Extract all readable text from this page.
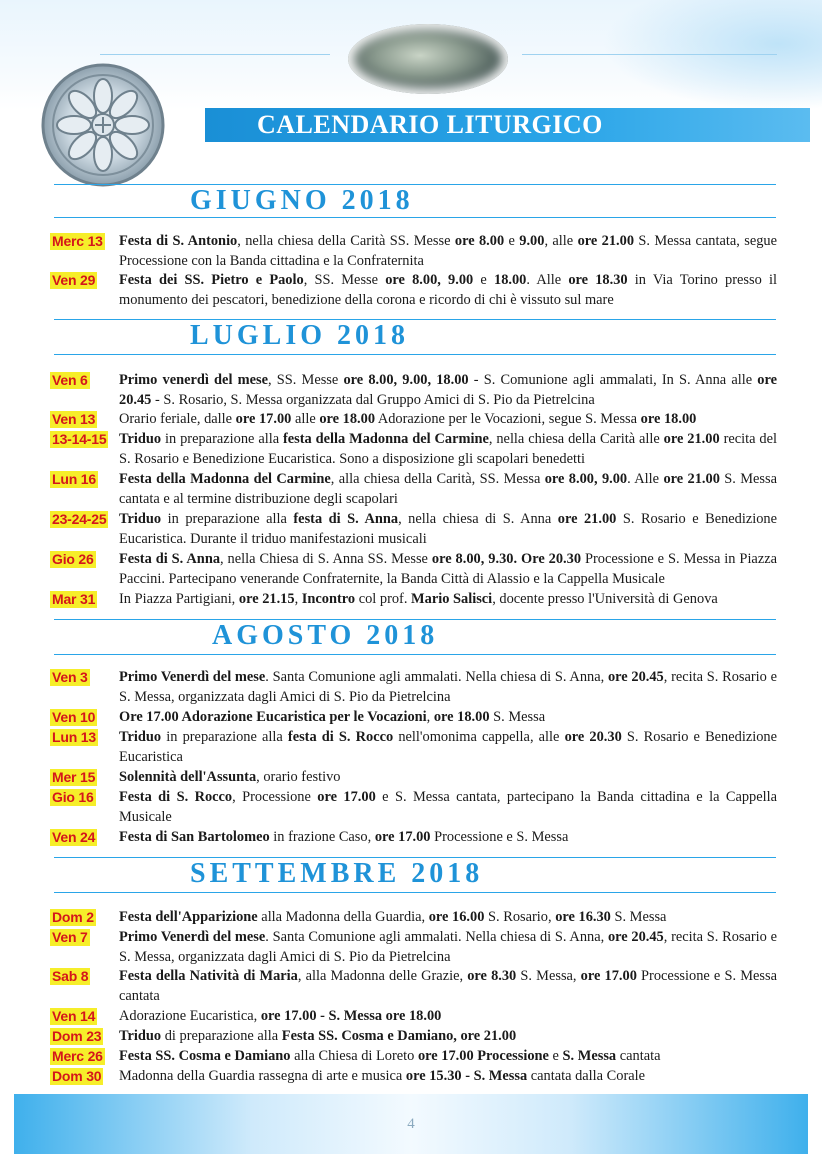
CALENDARIO LITURGICO
GIUGNO 2018
Merc 13 Festa di S. Antonio, nella chiesa della Carità SS. Messe ore 8.00 e 9.00, alle ore 21.00 S. Messa cantata, segue Processione con la Banda cittadina e la Confraternita
Ven 29 Festa dei SS. Pietro e Paolo, SS. Messe ore 8.00, 9.00 e 18.00. Alle ore 18.30 in Via Torino presso il monumento dei pescatori, benedizione della corona e ricordo di chi è vissuto sul mare
LUGLIO 2018
Ven 6 Primo venerdì del mese, SS. Messe ore 8.00, 9.00, 18.00 - S. Comunione agli ammalati, In S. Anna alle ore 20.45 - S. Rosario, S. Messa organizzata dal Gruppo Amici di S. Pio da Pietrelcina
Ven 13 Orario feriale, dalle ore 17.00 alle ore 18.00 Adorazione per le Vocazioni, segue S. Messa ore 18.00
13-14-15 Triduo in preparazione alla festa della Madonna del Carmine, nella chiesa della Carità alle ore 21.00 recita del S. Rosario e Benedizione Eucaristica. Sono a disposizione gli scapolari benedetti
Lun 16 Festa della Madonna del Carmine, alla chiesa della Carità, SS. Messa ore 8.00, 9.00. Alle ore 21.00 S. Messa cantata e al termine distribuzione degli scapolari
23-24-25 Triduo in preparazione alla festa di S. Anna, nella chiesa di S. Anna ore 21.00 S. Rosario e Benedizione Eucaristica. Durante il triduo manifestazioni musicali
Gio 26 Festa di S. Anna, nella Chiesa di S. Anna SS. Messe ore 8.00, 9.30. Ore 20.30 Processione e S. Messa in Piazza Paccini. Partecipano venerande Confraternite, la Banda Città di Alassio e la Cappella Musicale
Mar 31 In Piazza Partigiani, ore 21.15, Incontro col prof. Mario Salisci, docente presso l'Università di Genova
AGOSTO 2018
Ven 3 Primo Venerdì del mese. Santa Comunione agli ammalati. Nella chiesa di S. Anna, ore 20.45, recita S. Rosario e S. Messa, organizzata dagli Amici di S. Pio da Pietrelcina
Ven 10 Ore 17.00 Adorazione Eucaristica per le Vocazioni, ore 18.00 S. Messa
Lun 13 Triduo in preparazione alla festa di S. Rocco nell'omonima cappella, alle ore 20.30 S. Rosario e Benedizione Eucaristica
Mer 15 Solennità dell'Assunta, orario festivo
Gio 16 Festa di S. Rocco, Processione ore 17.00 e S. Messa cantata, partecipano la Banda cittadina e la Cappella Musicale
Ven 24 Festa di San Bartolomeo in frazione Caso, ore 17.00 Processione e S. Messa
SETTEMBRE 2018
Dom 2 Festa dell'Apparizione alla Madonna della Guardia, ore 16.00 S. Rosario, ore 16.30 S. Messa
Ven 7 Primo Venerdì del mese. Santa Comunione agli ammalati. Nella chiesa di S. Anna, ore 20.45, recita S. Rosario e S. Messa, organizzata dagli Amici di S. Pio da Pietrelcina
Sab 8 Festa della Natività di Maria, alla Madonna delle Grazie, ore 8.30 S. Messa, ore 17.00 Processione e S. Messa cantata
Ven 14 Adorazione Eucaristica, ore 17.00 - S. Messa ore 18.00
Dom 23 Triduo di preparazione alla Festa SS. Cosma e Damiano, ore 21.00
Merc 26 Festa SS. Cosma e Damiano alla Chiesa di Loreto ore 17.00 Processione e S. Messa cantata
Dom 30 Madonna della Guardia rassegna di arte e musica ore 15.30 - S. Messa cantata dalla Corale
4
